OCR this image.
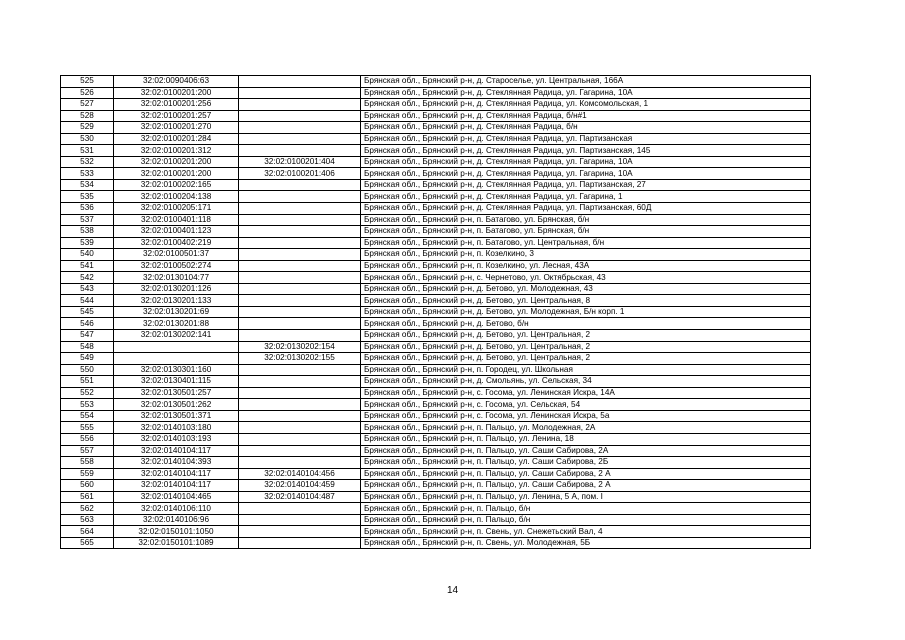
525	32:02:0090406:63		Брянская обл., Брянский р-н, д. Старосельe, ул. Центральная, 166А
526	32:02:0100201:200		Брянская обл., Брянский р-н, д. Стеклянная Радица, ул. Гагарина, 10А
527	32:02:0100201:256		Брянская обл., Брянский р-н, д. Стеклянная Радица, ул. Комсомольская, 1
528	32:02:0100201:257		Брянская обл., Брянский р-н, д. Стеклянная Радица, б/н#1
529	32:02:0100201:270		Брянская обл., Брянский р-н, д. Стеклянная Радица, б/н
530	32:02:0100201:284		Брянская обл., Брянский р-н, д. Стеклянная Радица, ул. Партизанская
531	32:02:0100201:312		Брянская обл., Брянский р-н, д. Стеклянная Радица, ул. Партизанская, 145
532	32:02:0100201:200	32:02:0100201:404	Брянская обл., Брянский р-н, д. Стеклянная Радица, ул. Гагарина, 10А
533	32:02:0100201:200	32:02:0100201:406	Брянская обл., Брянский р-н, д. Стеклянная Радица, ул. Гагарина, 10А
534	32:02:0100202:165		Брянская обл., Брянский р-н, д. Стеклянная Радица, ул. Партизанская, 27
535	32:02:0100204:138		Брянская обл., Брянский р-н, д. Стеклянная Радица, ул. Гагарина, 1
536	32:02:0100205:171		Брянская обл., Брянский р-н, д. Стеклянная Радица, ул. Партизанская, 60Д
537	32:02:0100401:118		Брянская обл., Брянский р-н, п. Батагово, ул. Брянская, б/н
538	32:02:0100401:123		Брянская обл., Брянский р-н, п. Батагово, ул. Брянская, б/н
539	32:02:0100402:219		Брянская обл., Брянский р-н, п. Батагово, ул. Центральная, б/н
540	32:02:0100501:37		Брянская обл., Брянский р-н, п. Козелкино, 3
541	32:02:0100502:274		Брянская обл., Брянский р-н, п. Козелкино, ул. Лесная, 43А
542	32:02:0130104:77		Брянская обл., Брянский р-н, с. Чернетово, ул. Октябрьская, 43
543	32:02:0130201:126		Брянская обл., Брянский р-н, д. Бетово, ул. Молодежная, 43
544	32:02:0130201:133		Брянская обл., Брянский р-н, д. Бетово, ул. Центральная, 8
545	32:02:0130201:69		Брянская обл., Брянский р-н, д. Бетово, ул. Молодежная, Б/н корп. 1
546	32:02:0130201:88		Брянская обл., Брянский р-н, д. Бетово, б/н
547	32:02:0130202:141		Брянская обл., Брянский р-н, д. Бетово, ул. Центральная, 2
548		32:02:0130202:154	Брянская обл., Брянский р-н, д. Бетово, ул. Центральная, 2
549		32:02:0130202:155	Брянская обл., Брянский р-н, д. Бетово, ул. Центральная, 2
550	32:02:0130301:160		Брянская обл., Брянский р-н, п. Городец, ул. Школьная
551	32:02:0130401:115		Брянская обл., Брянский р-н, д. Смольянь, ул. Сельская, 34
552	32:02:0130501:257		Брянская обл., Брянский р-н, с. Госома, ул. Ленинская Искра, 14А
553	32:02:0130501:262		Брянская обл., Брянский р-н, с. Госома, ул. Сельская, 54
554	32:02:0130501:371		Брянская обл., Брянский р-н, с. Госома, ул. Ленинская Искра, 5а
555	32:02:0140103:180		Брянская обл., Брянский р-н, п. Пальцо, ул. Молодежная, 2А
556	32:02:0140103:193		Брянская обл., Брянский р-н, п. Пальцо, ул. Ленина, 18
557	32:02:0140104:117		Брянская обл., Брянский р-н, п. Пальцо, ул. Саши Сабирова, 2А
558	32:02:0140104:393		Брянская обл., Брянский р-н, п. Пальцо, ул. Саши Сабирова, 2Б
559	32:02:0140104:117	32:02:0140104:456	Брянская обл., Брянский р-н, п. Пальцо, ул. Саши Сабирова, 2 А
560	32:02:0140104:117	32:02:0140104:459	Брянская обл., Брянский р-н, п. Пальцо, ул. Саши Сабирова, 2 А
561	32:02:0140104:465	32:02:0140104:487	Брянская обл., Брянский р-н, п. Пальцо, ул. Ленина, 5 А, пом. I
562	32:02:0140106:110		Брянская обл., Брянский р-н, п. Пальцо, б/н
563	32:02:0140106:96		Брянская обл., Брянский р-н, п. Пальцо, б/н
564	32:02:0150101:1050		Брянская обл., Брянский р-н, п. Свень, ул. Снежетьский Вал, 4
565	32:02:0150101:1089		Брянская обл., Брянский р-н, п. Свень, ул. Молодежная, 5Б
14
